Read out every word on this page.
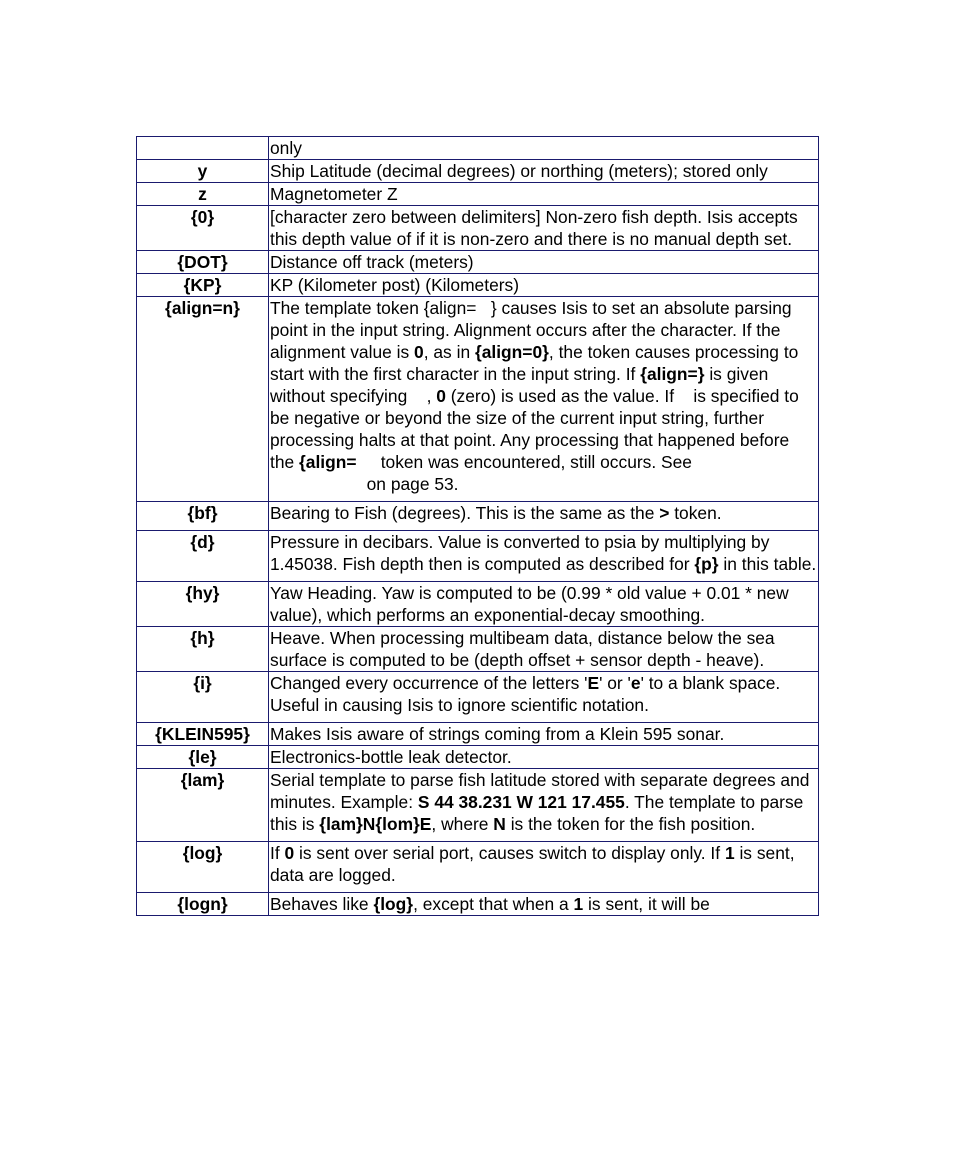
	only
y	Ship Latitude (decimal degrees) or northing (meters); stored only
z	Magnetometer Z
{0}	[character zero between delimiters] Non-zero fish depth. Isis accepts this depth value of if it is non-zero and there is no manual depth set.
{DOT}	Distance off track (meters)
{KP}	KP (Kilometer post) (Kilometers)
{align=n}	The template token {align=   } causes Isis to set an absolute parsing point in the input string. Alignment occurs after the character. If the alignment value is 0, as in {align=0}, the token causes processing to start with the first character in the input string. If {align=} is given without specifying    , 0 (zero) is used as the value. If    is specified to be negative or beyond the size of the current input string, further processing halts at that point. Any processing that happened before the {align=     token was encountered, still occurs. See
on page 53.
{bf}	Bearing to Fish (degrees). This is the same as the > token.
{d}	Pressure in decibars. Value is converted to psia by multiplying by 1.45038. Fish depth then is computed as described for {p} in this table.
{hy}	Yaw Heading. Yaw is computed to be (0.99 * old value + 0.01 * new value), which performs an exponential-decay smoothing.
{h}	Heave. When processing multibeam data, distance below the sea surface is computed to be (depth offset + sensor depth - heave).
{i}	Changed every occurrence of the letters 'E' or 'e' to a blank space. Useful in causing Isis to ignore scientific notation.
{KLEIN595}	Makes Isis aware of strings coming from a Klein 595 sonar.
{le}	Electronics-bottle leak detector.
{lam}	Serial template to parse fish latitude stored with separate degrees and minutes. Example: S 44 38.231 W 121 17.455. The template to parse this is {lam}N{lom}E, where N is the token for the fish position.
{log}	If 0 is sent over serial port, causes switch to display only. If 1 is sent, data are logged.
{logn}	Behaves like {log}, except that when a 1 is sent, it will be
